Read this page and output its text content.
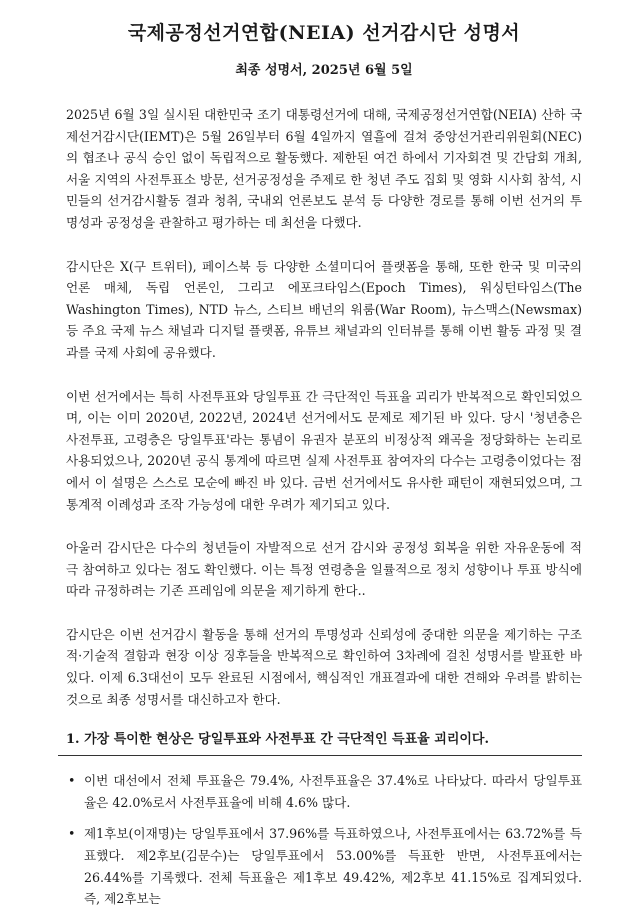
국제공정선거연합(NEIA) 선거감시단 성명서
최종 성명서, 2025년 6월 5일

2025년 6월 3일 실시된 대한민국 조기 대통령선거에 대해, 국제공정선거연합(NEIA) 산하 국제선거감시단(IEMT)은 5월 26일부터 6월 4일까지 열흘에 걸쳐 중앙선거관리위원회(NEC)의 협조나 공식 승인 없이 독립적으로 활동했다. 제한된 여건 하에서 기자회견 및 간담회 개최, 서울 지역의 사전투표소 방문, 선거공정성을 주제로 한 청년 주도 집회 및 영화 시사회 참석, 시민들의 선거감시활동 결과 청취, 국내외 언론보도 분석 등 다양한 경로를 통해 이번 선거의 투명성과 공정성을 관찰하고 평가하는 데 최선을 다했다.

감시단은 X(구 트위터), 페이스북 등 다양한 소셜미디어 플랫폼을 통해, 또한 한국 및 미국의 언론 매체, 독립 언론인, 그리고 에포크타임스(Epoch Times), 워싱턴타임스(The Washington Times), NTD 뉴스, 스티브 배넌의 워룸(War Room), 뉴스맥스(Newsmax) 등 주요 국제 뉴스 채널과 디지털 플랫폼, 유튜브 채널과의 인터뷰를 통해 이번 활동 과정 및 결과를 국제 사회에 공유했다.

이번 선거에서는 특히 사전투표와 당일투표 간 극단적인 득표율 괴리가 반복적으로 확인되었으며, 이는 이미 2020년, 2022년, 2024년 선거에서도 문제로 제기된 바 있다. 당시 '청년층은 사전투표, 고령층은 당일투표'라는 통념이 유권자 분포의 비정상적 왜곡을 정당화하는 논리로 사용되었으나, 2020년 공식 통계에 따르면 실제 사전투표 참여자의 다수는 고령층이었다는 점에서 이 설명은 스스로 모순에 빠진 바 있다. 금번 선거에서도 유사한 패턴이 재현되었으며, 그 통계적 이례성과 조작 가능성에 대한 우려가 제기되고 있다.

아울러 감시단은 다수의 청년들이 자발적으로 선거 감시와 공정성 회복을 위한 자유운동에 적극 참여하고 있다는 점도 확인했다. 이는 특정 연령층을 일률적으로 정치 성향이나 투표 방식에 따라 규정하려는 기존 프레임에 의문을 제기하게 한다..

감시단은 이번 선거감시 활동을 통해 선거의 투명성과 신뢰성에 중대한 의문을 제기하는 구조적·기술적 결함과 현장 이상 징후들을 반복적으로 확인하여 3차례에 걸친 성명서를 발표한 바 있다. 이제 6.3대선이 모두 완료된 시점에서, 핵심적인 개표결과에 대한 견해와 우려를 밝히는 것으로 최종 성명서를 대신하고자 한다.

1. 가장 특이한 현상은 당일투표와 사전투표 간 극단적인 득표율 괴리이다.
• 이번 대선에서 전체 투표율은 79.4%, 사전투표율은 37.4%로 나타났다. 따라서 당일투표율은 42.0%로서 사전투표율에 비해 4.6% 많다.
• 제1후보(이재명)는 당일투표에서 37.96%를 득표하였으나, 사전투표에서는 63.72%를 득표했다. 제2후보(김문수)는 당일투표에서 53.00%를 득표한 반면, 사전투표에서는 26.44%를 기록했다. 전체 득표율은 제1후보 49.42%, 제2후보 41.15%로 집계되었다. 즉, 제2후보는
